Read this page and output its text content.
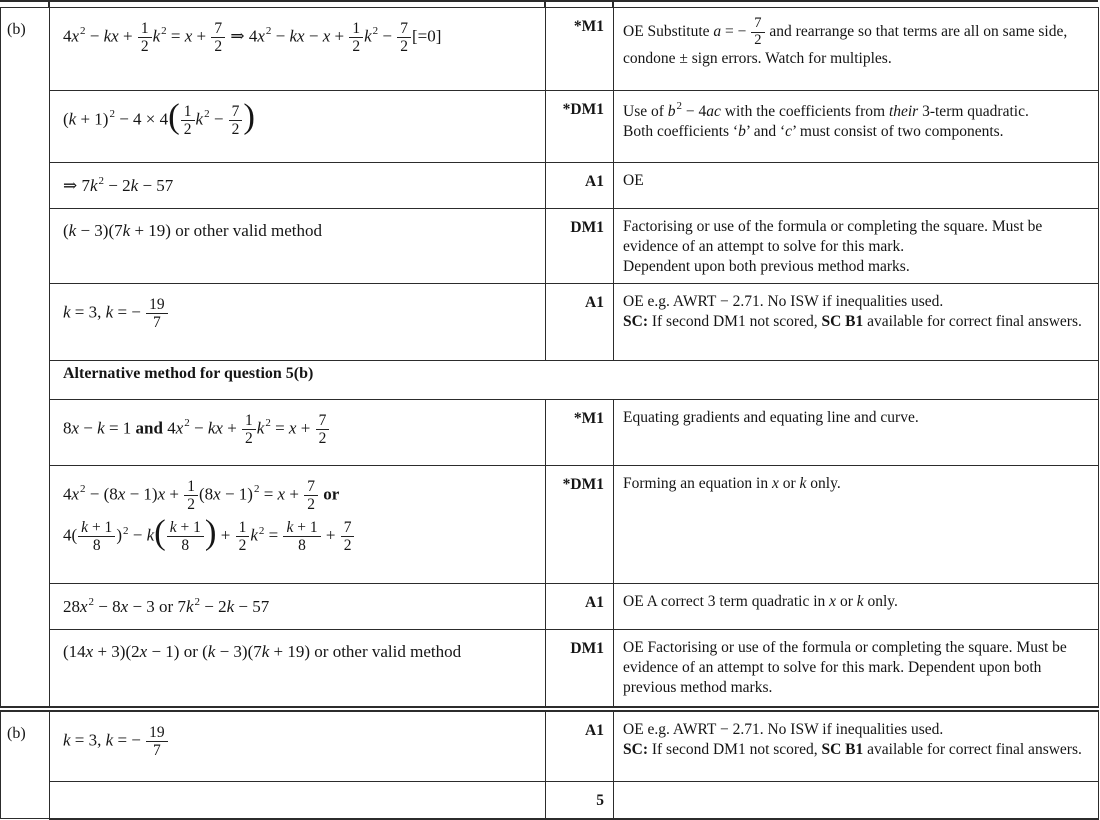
(b)	$4x^2$ − kx + $\frac{1}{2} k^2 = x + \frac{7}{2}$ ⇒ $4x^2$ − kx − $x + \frac{1}{2} k^2 - \frac{7}{2} [=0]$	*M1	OE Substitute a = − $\frac{7}{2}$ and rearrange so that terms are all on same side, condone ± sign errors. Watch for multiples.

$(k + 1)^2 - 4 \times 4( \frac{1}{2} k^2 - \frac{7}{2}$ )	*DM1	Use of $b^2 - 4ac$ with the coefficients from their 3-term quadratic.
Both coefficients ‘b’ and ‘c’ must consist of two components.

	⇒ $7k^2 - 2k - 57$	A1	OE

	(k − 3)(7k + 19) or other valid method	DM1	Factorising or use of the formula or completing the square. Must be evidence of an attempt to solve for this mark.
Dependent upon both previous method marks.

	k = 3, k = − $\frac{19}{7}$	A1	OE e.g. AWRT − 2.71. No ISW if inequalities used.
SC: If second DM1 not scored, SC B1 available for correct final answers.
	Alternative method for question 5(b)		

8x − k = 1 and $4x^2$ − kx + $\frac{1}{2} k^2 = x + \frac{7}{2}$	*M1	Equating gradients and equating line and curve.

$4x^2 - (8x - 1)x + \frac{1}{2} (8x - 1)^2 = x + \frac{7}{2}$ or
$4( \frac{k + 1}{8} )^2 - k( \frac{k + 1}{8}$ ) + $\frac{1}{2} k^2 = \frac{k + 1}{8} + \frac{7}{2}$
	*DM1	Forming an equation in x or k only.

	$28x^2 - 8x - 3$ or $7k^2 - 2k - 57$	A1	OE A correct 3 term quadratic in x or k only.

	(14x + 3)(2x − 1) or (k − 3)(7k + 19) or other valid method	DM1	OE Factorising or use of the formula or completing the square. Must be evidence of an attempt to solve for this mark. Dependent upon both previous method marks.
(b)	k = 3, k = − $\frac{19}{7}$	A1	OE e.g. AWRT − 2.71. No ISW if inequalities used.
SC: If second DM1 not scored, SC B1 available for correct final answers.
		5	
